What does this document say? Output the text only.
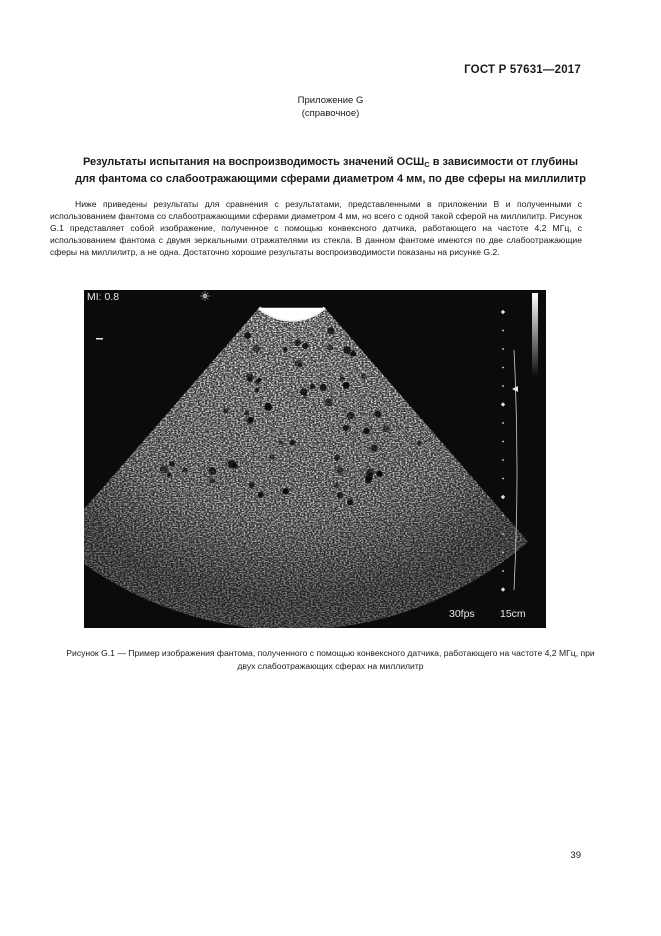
ГОСТ Р 57631—2017
Приложение G
(справочное)
Результаты испытания на воспроизводимость значений $ОСШ_С$ в зависимости от глубины
для фантома со слабоотражающими сферами диаметром 4 мм, по две сферы на миллилитр

Ниже приведены результаты для сравнения с результатами, представленными в приложении B и полученными с использованием фантома со слабоотражающими сферами диаметром 4 мм, но всего с одной такой сферой на миллилитр. Рисунок G.1 представляет собой изображение, полученное с помощью конвексного датчика, работающего на частоте 4,2 МГц, с использованием фантома с двумя зеркальными отражателями из стекла. В данном фантоме имеются по две слабоотражающие сферы на миллилитр, а не одна. Достаточно хорошие результаты воспроизводимости показаны на рисунке G.2.

MI: 0.8
30fps 15cm
Рисунок G.1 — Пример изображения фантома, полученного с помощью конвексного датчика, работающего на частоте 4,2 МГц, при двух слабоотражающих сферах на миллилитр
39
